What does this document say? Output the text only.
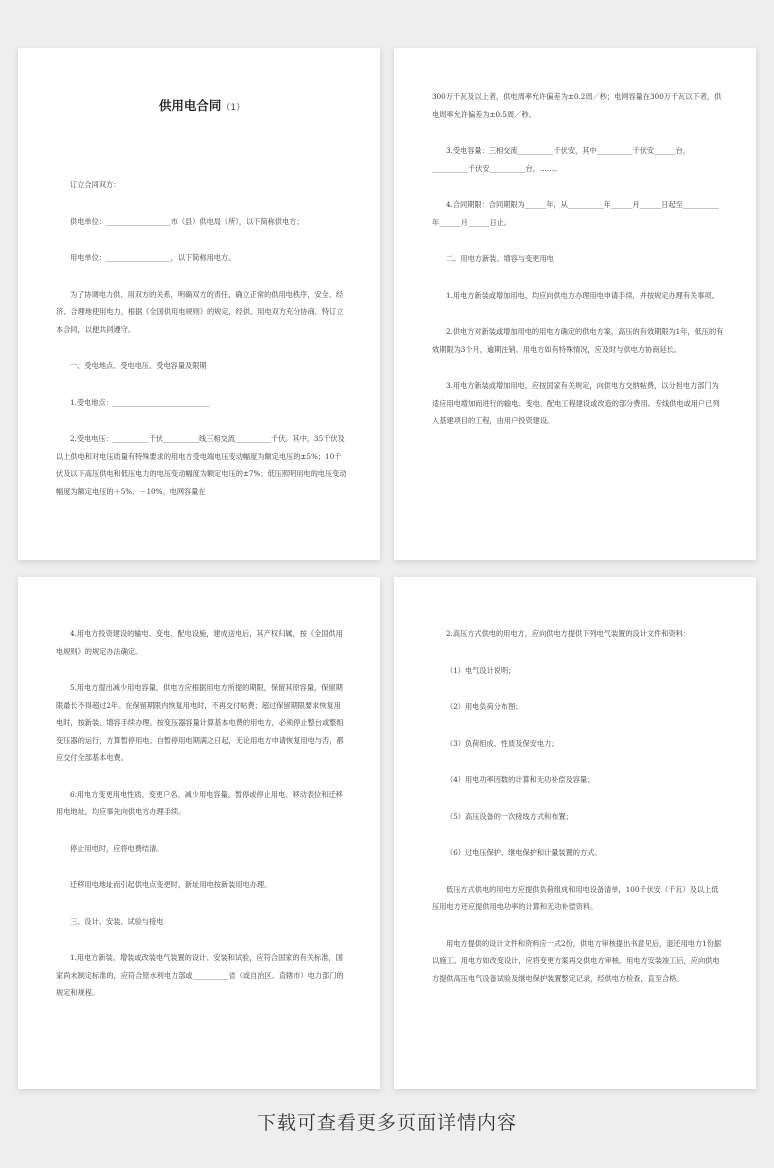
供用电合同（1）

订立合同双方：

供电单位：__________________市（县）供电局（所），以下简称供电方；

用电单位：__________________，以下简称用电方。

为了协调电力供、用双方的关系，明确双方的责任，确立正常的供用电秩序，安全、经济、合理地使用电力，根据《全国供用电规则》的规定，经供、用电双方充分协商，特订立本合同，以便共同遵守。

一、受电地点、受电电压、受电容量及限期

1.受电地点：___________________________

2.受电电压：__________千伏__________线三相交流__________千伏。其中，35千伏及以上供电和对电压质量有特殊要求的用电方受电端电压变动幅度为额定电压的±5%；10千伏及以下高压供电和低压电力的电压变动幅度为额定电压的±7%；低压照明用电的电压变动幅度为额定电压的＋5%、－10%。电网容量在

300万千瓦及以上者，供电周率允许偏差为±0.2周／秒；电网容量在300万千瓦以下者，供电周率允许偏差为±0.5周／秒。

3.受电容量：三相交流__________千伏安，其中__________千伏安______台，__________千伏安__________台，……。

4.合同期限：合同期限为______年，从__________年______月______日起至__________年______月______日止。

二、用电方新装、增容与变更用电

1.用电方新装或增加用电，均应向供电方办理用电申请手续，并按规定办理有关事项。

2.供电方对新装或增加用电的用电方确定的供电方案，高压的有效期限为1年，低压的有效期限为3个月，逾期注销。用电方如有特殊情况，应及时与供电方协商延长。

3.用电方新装或增加用电，应按国家有关规定，向供电方交纳帖费，以分担电力部门为适应用电增加而进行的输电、变电、配电工程建设或改造的部分费用。专线供电或用户已列入基建项目的工程，由用户投资建设。

4.用电方投资建设的输电、变电、配电设施，建成送电后，其产权归属，按《全国供用电规则》的规定办法确定。

5.用电方提出减少用电容量，供电方应根据用电方所提的期限，保留其原容量，保留期限最长不得超过2年。在保留期限内恢复用电时，不再交付帖费；超过保留期限要求恢复用电时，按新装、增容手续办理。按变压器容量计算基本电费的用电方，必须停止整台或整组变压器的运行，方算暂停用电。自暂停用电期满之日起，无论用电方申请恢复用电与否，都应交付全部基本电费。

6.用电方变更用电性质、变更户名、减少用电容量、暂停或停止用电、移动表位和迁移用电地址，均应事先向供电方办理手续。

停止用电时，应将电费结清。

迁移用电地址而引起供电点变更时，新址用电按新装用电办理。

三、设计、安装、试验与接电

1.用电方新装、增装或改装电气装置的设计、安装和试验，应符合国家的有关标准，国家尚未制定标准的，应符合原水利电力部或__________省（或自治区、直辖市）电力部门的规定和规程。

2.高压方式供电的用电方，应向供电方提供下列电气装置的设计文件和资料：

（1）电气设计说明；

（2）用电负荷分布图；

（3）负荷组成、性质及保安电力；

（4）用电功率因数的计算和无功补偿及容量；

（5）高压设备的一次接线方式和布置；

（6）过电压保护、继电保护和计量装置的方式。

低压方式供电的用电方应提供负荷组成和用电设备清单，100千伏安（千瓦）及以上低压用电方还应提供用电功率的计算和无功补偿资料。

用电方提供的设计文件和资料应一式2份，供电方审核提出书意见后，退还用电方1份据以施工。用电方如改变设计，应将变更方案再交供电方审核。用电方安装竣工后，应向供电方提供高压电气设备试验及继电保护装置整定记录，经供电方检查，直至合格。

下载可查看更多页面详情内容
